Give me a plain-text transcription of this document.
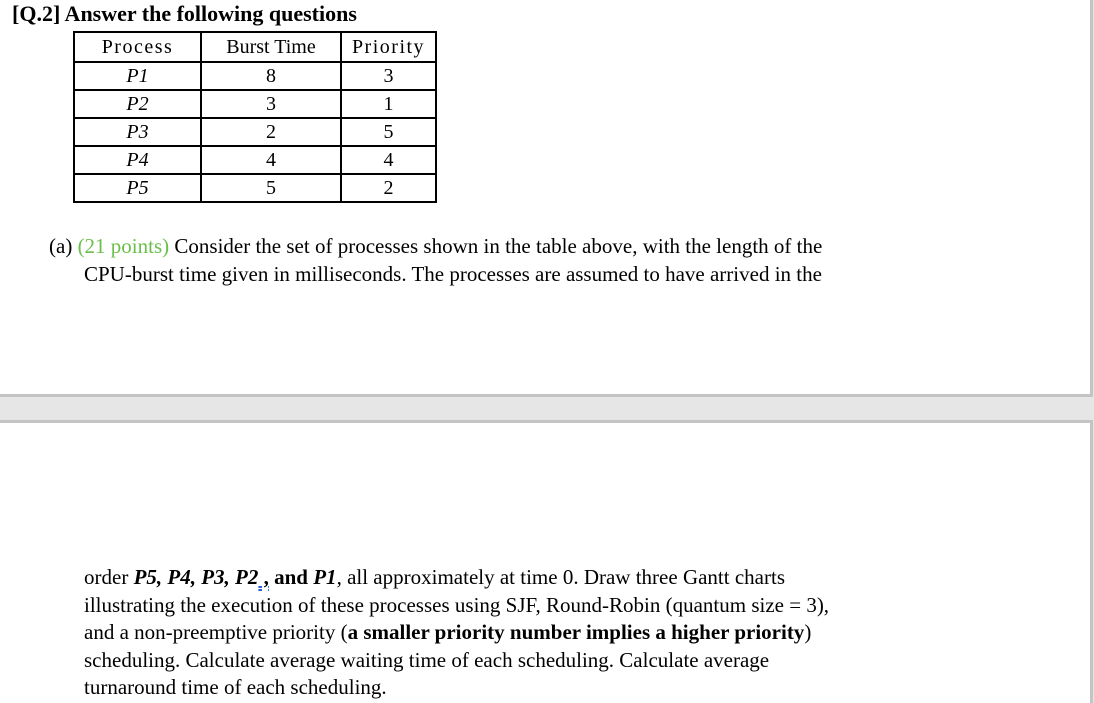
[Q.2] Answer the following questions
Process	Burst Time	Priority
P1	8	3
P2	3	1
P3	2	5
P4	4	4
P5	5	2
(a) (21 points) Consider the set of processes shown in the table above, with the length of the
CPU-burst time given in milliseconds. The processes are assumed to have arrived in the
order P5, P4, P3, P2 , and P1, all approximately at time 0. Draw three Gantt charts
illustrating the execution of these processes using SJF, Round-Robin (quantum size = 3),
and a non-preemptive priority (a smaller priority number implies a higher priority)
scheduling. Calculate average waiting time of each scheduling. Calculate average
turnaround time of each scheduling.
